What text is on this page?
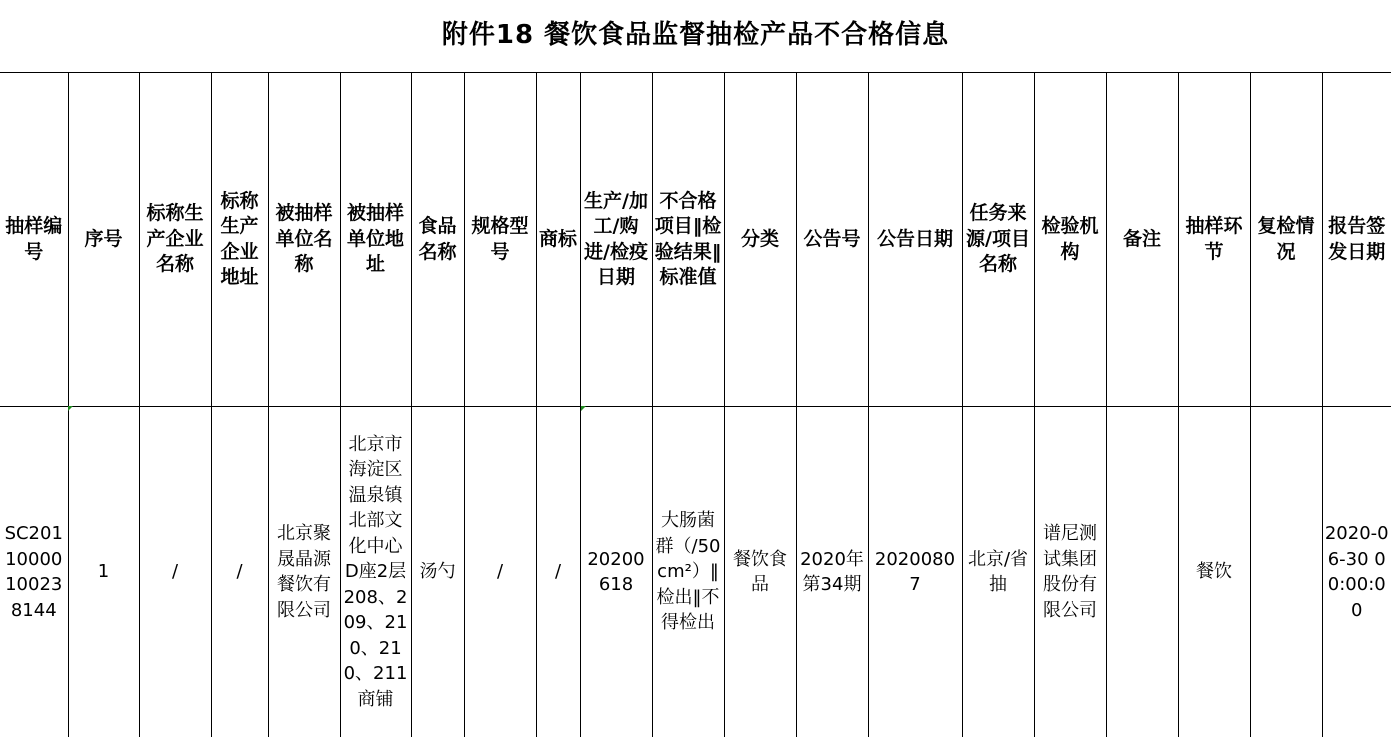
附件18 餐饮食品监督抽检产品不合格信息
抽样编号	序号	标称生产企业名称	标称生产企业地址	被抽样单位名称	被抽样单位地址	食品名称	规格型号	商标	生产/加工/购进/检疫日期	不合格项目‖检验结果‖标准值	分类	公告号	公告日期	任务来源/项目名称	检验机构	备注	抽样环节	复检情况	报告签发日期
SC20110000100238144	1	/	/	北京聚晟晶源餐饮有限公司	北京市海淀区温泉镇北部文化中心D座2层208、209、210、210、211商铺	汤勺	/	/	20200618	大肠菌群（/50cm²）‖检出‖不得检出	餐饮食品	2020年第34期	20200807	北京/省抽	谱尼测试集团股份有限公司		餐饮		2020-06-30 00:00:00
